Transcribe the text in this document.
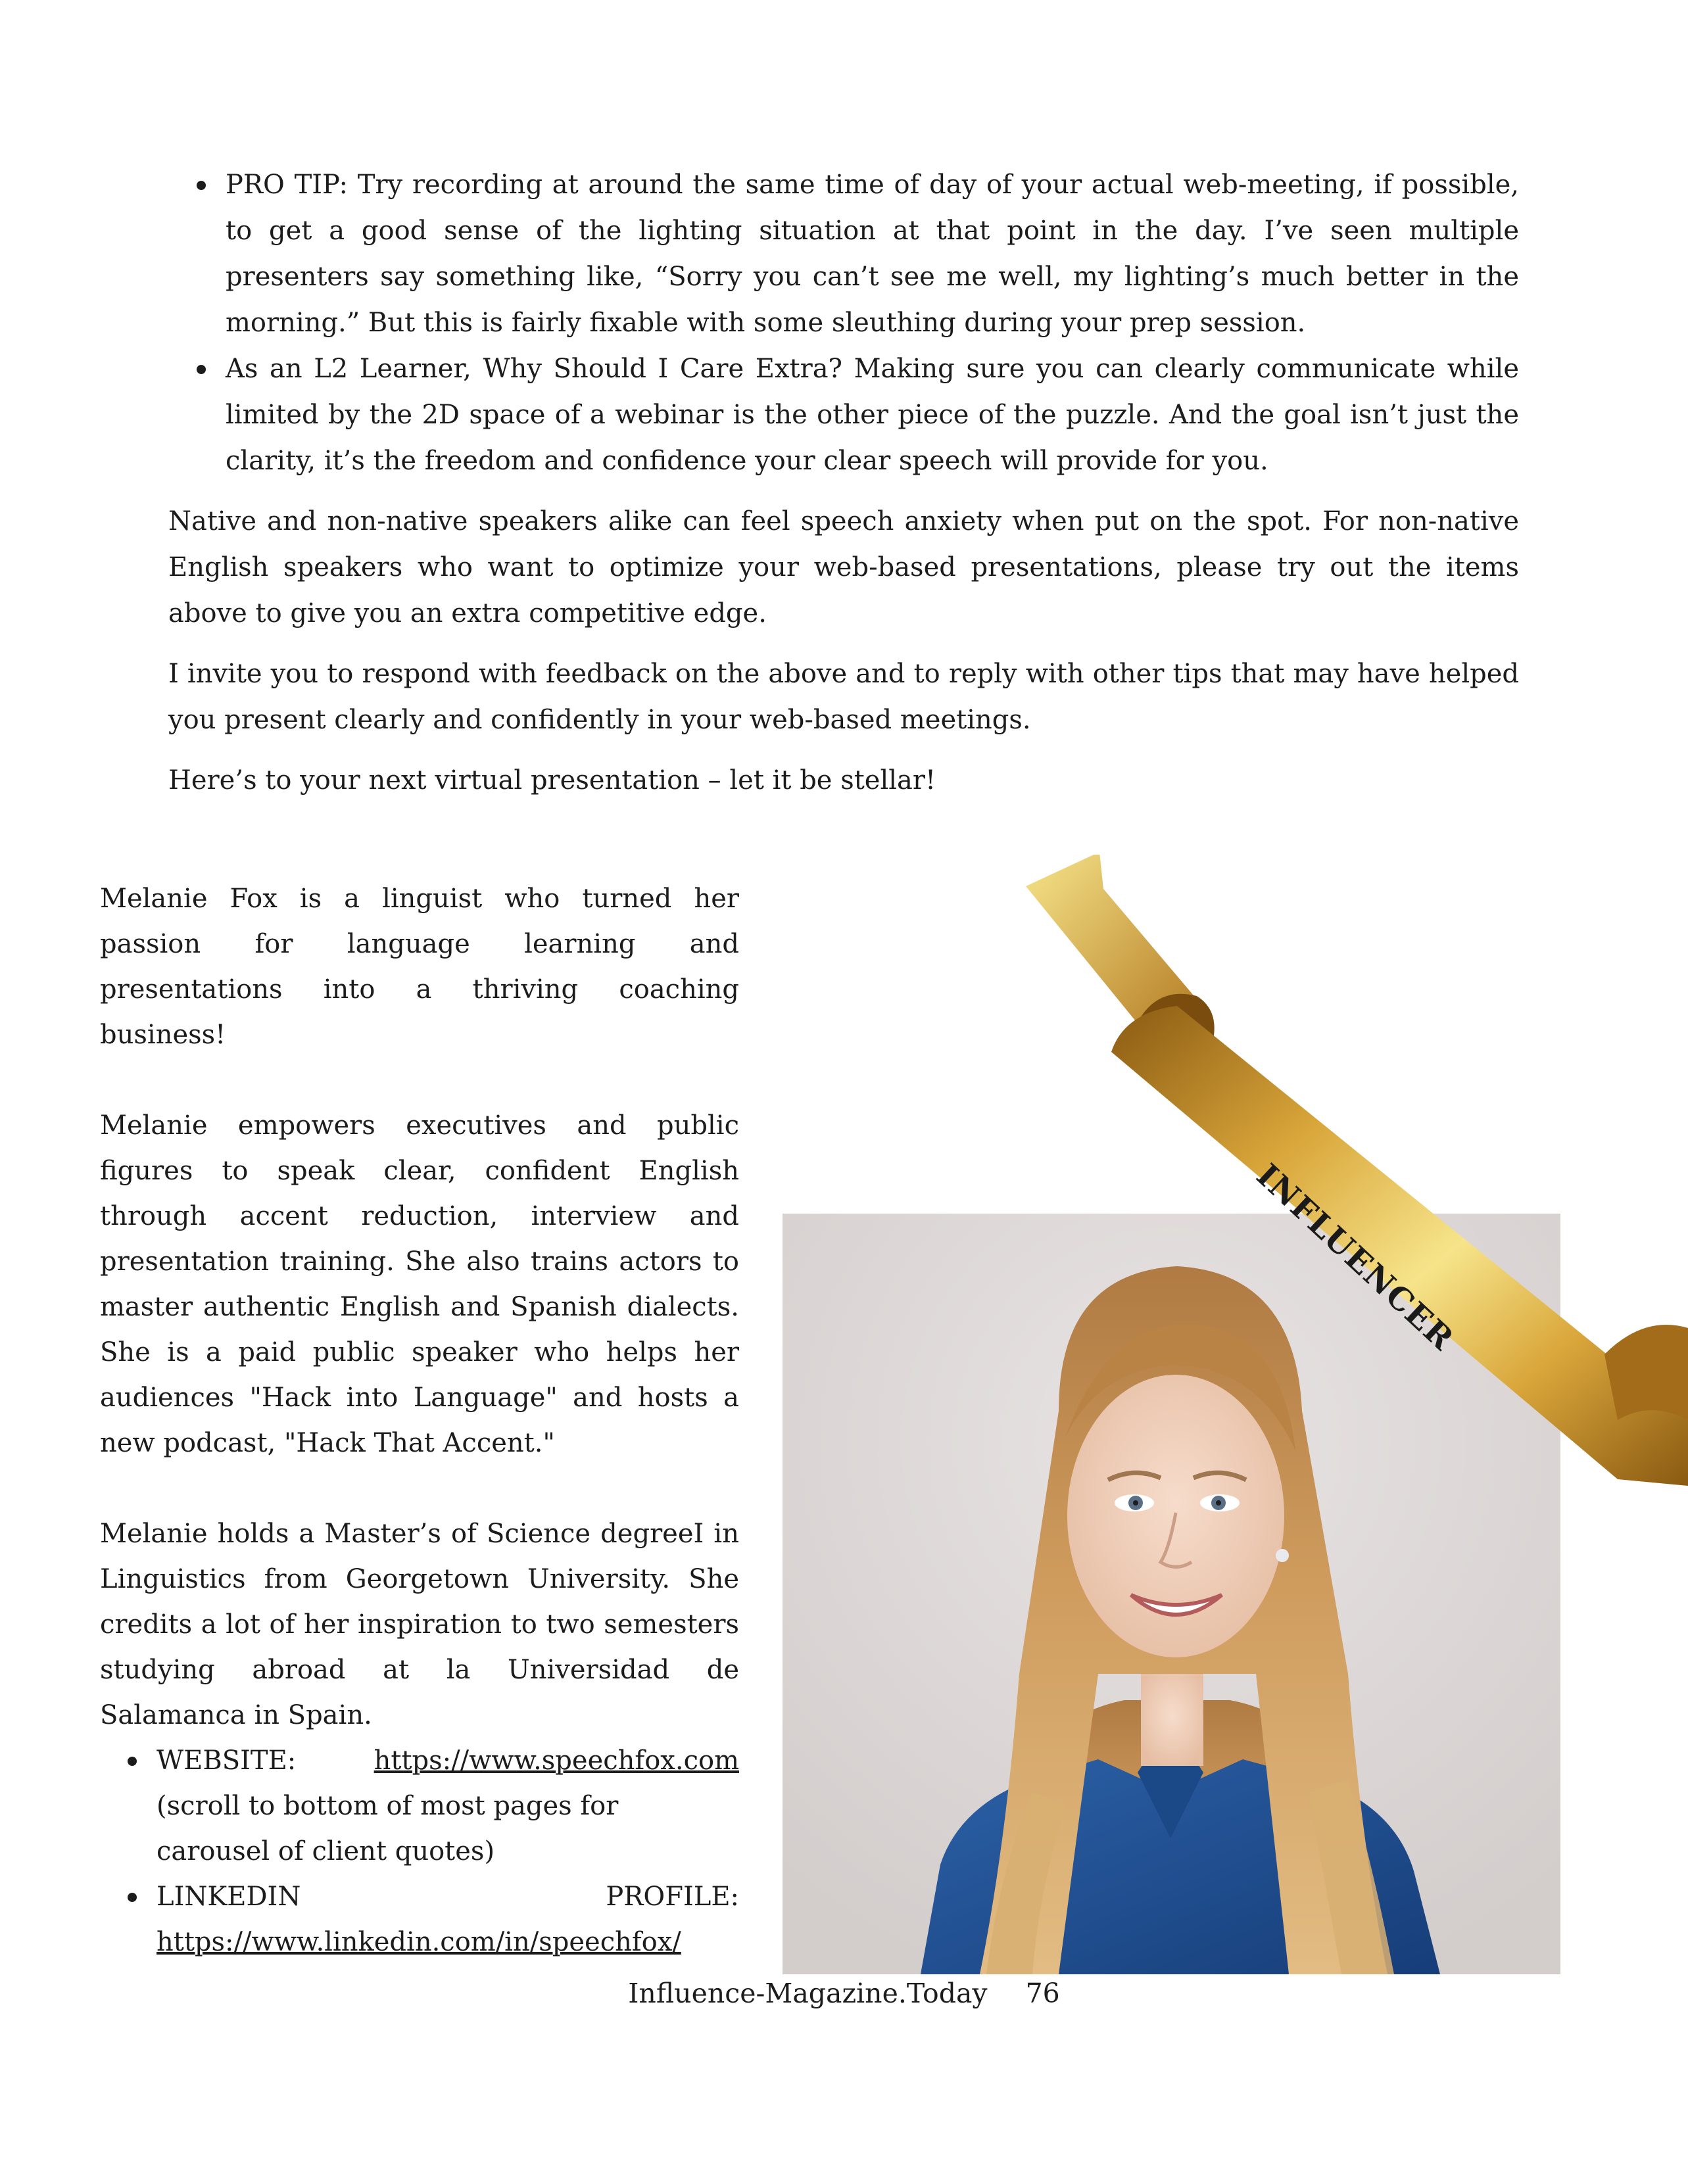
PRO TIP: Try recording at around the same time of day of your actual web-meeting, if possible, to get a good sense of the lighting situation at that point in the day. I’ve seen multiple presenters say something like, “Sorry you can’t see me well, my lighting’s much better in the morning.” But this is fairly fixable with some sleuthing during your prep session.
As an L2 Learner, Why Should I Care Extra? Making sure you can clearly communicate while limited by the 2D space of a webinar is the other piece of the puzzle. And the goal isn’t just the clarity, it’s the freedom and confidence your clear speech will provide for you.

Native and non-native speakers alike can feel speech anxiety when put on the spot. For non-native English speakers who want to optimize your web-based presentations, please try out the items above to give you an extra competitive edge.

I invite you to respond with feedback on the above and to reply with other tips that may have helped you present clearly and confidently in your web-based meetings.

Here’s to your next virtual presentation – let it be stellar!

Melanie Fox is a linguist who turned her passion for language learning and presentations into a thriving coaching business!

Melanie empowers executives and public figures to speak clear, confident English through accent reduction, interview and presentation training. She also trains actors to master authentic English and Spanish dialects. She is a paid public speaker who helps her audiences "Hack into Language" and hosts a new podcast, "Hack That Accent."

Melanie holds a Master’s of Science degreeI in Linguistics from Georgetown University. She credits a lot of her inspiration to two semesters studying abroad at la Universidad de Salamanca in Spain.

WEBSITE:	https://www.speechfox.com
(scroll to bottom of most pages for carousel of client quotes)
LINKEDIN	PROFILE:
https://www.linkedin.com/in/speechfox/
INFLUENCER
Influence-Magazine.Today 76
